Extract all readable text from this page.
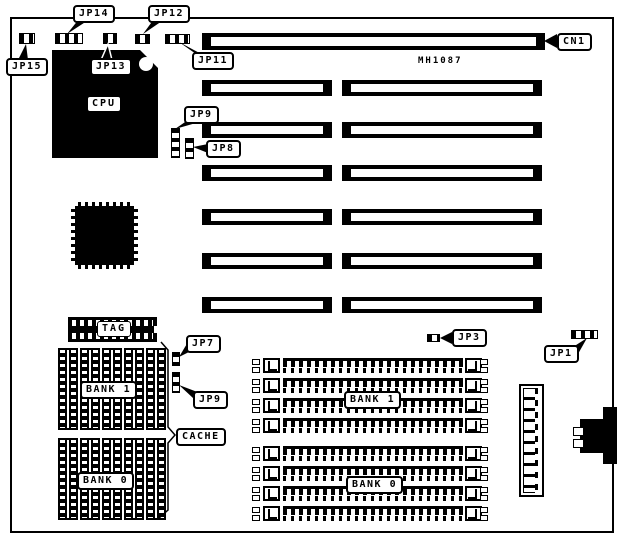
JP14	JP12
JP15	JP13
JP11
CN1
JP9
JP8
CPU
TAG
JP7
JP9
CACHE
BANK 1
BANK 0
JP3
JP1
BANK 1
BANK 0
MH1087
